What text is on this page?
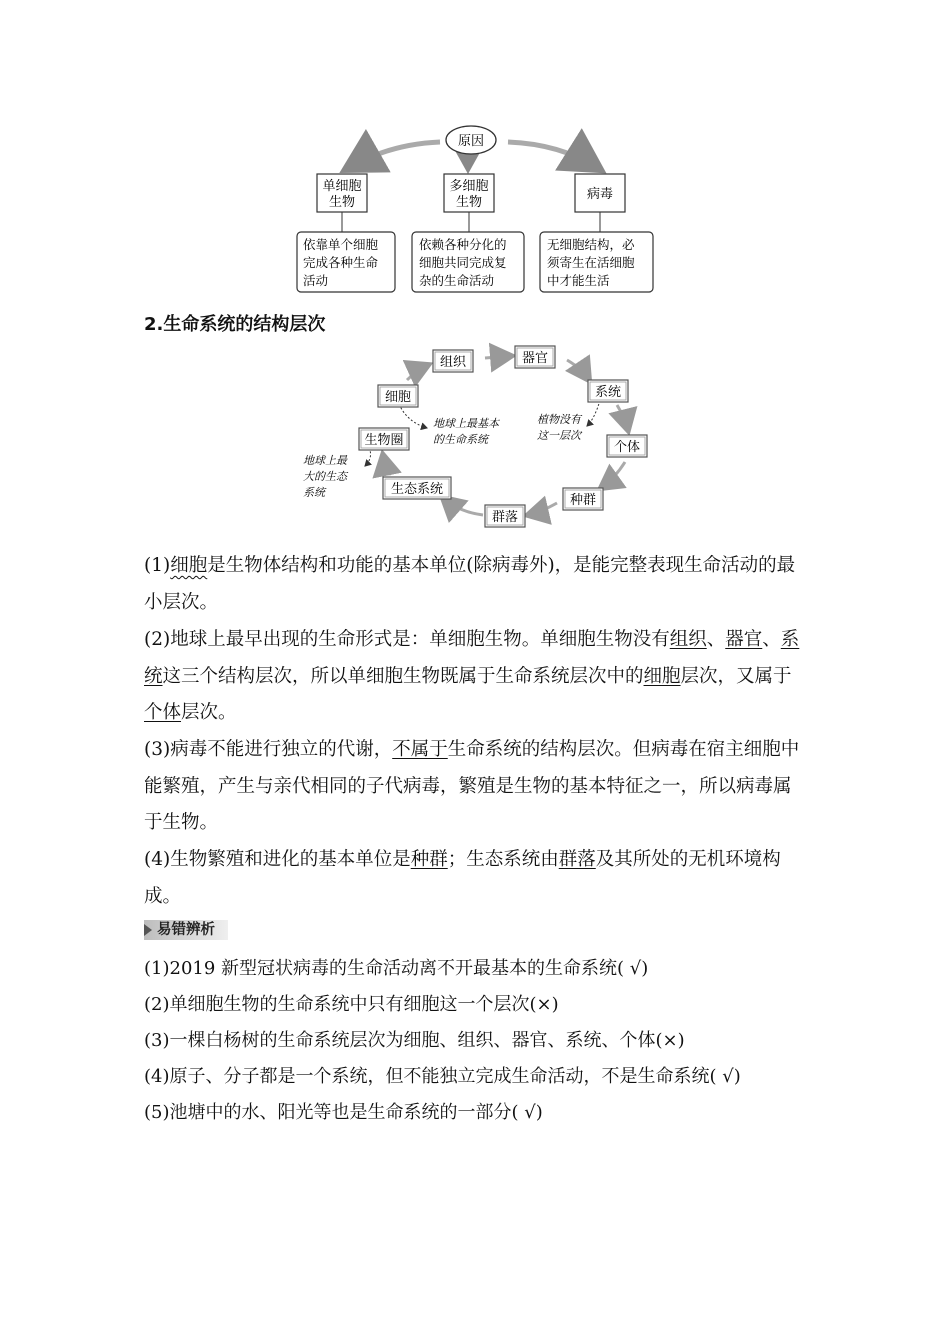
原因
单细胞
生物
多细胞
生物
病毒
依靠单个细胞
完成各种生命
活动
依赖各种分化的
细胞共同完成复
杂的生命活动
无细胞结构，必
须寄生在活细胞
中才能生活
2.生命系统的结构层次
细胞
组织	器官
系统
个体
种群
群落
生态系统
生物圈
地球上最基本
的生命系统
植物没有
这一层次
地球上最
大的生态
系统
(1)细胞是生物体结构和功能的基本单位(除病毒外)，是能完整表现生命活动的最小层次。
(2)地球上最早出现的生命形式是：单细胞生物。单细胞生物没有组织、器官、系统这三个结构层次，所以单细胞生物既属于生命系统层次中的细胞层次，又属于个体层次。
(3)病毒不能进行独立的代谢，不属于生命系统的结构层次。但病毒在宿主细胞中能繁殖，产生与亲代相同的子代病毒，繁殖是生物的基本特征之一，所以病毒属于生物。
(4)生物繁殖和进化的基本单位是种群；生态系统由群落及其所处的无机环境构成。
易错辨析
(1)2019 新型冠状病毒的生命活动离不开最基本的生命系统( √)
(2)单细胞生物的生命系统中只有细胞这一个层次(×)
(3)一棵白杨树的生命系统层次为细胞、组织、器官、系统、个体(×)
(4)原子、分子都是一个系统，但不能独立完成生命活动，不是生命系统( √)
(5)池塘中的水、阳光等也是生命系统的一部分( √)
